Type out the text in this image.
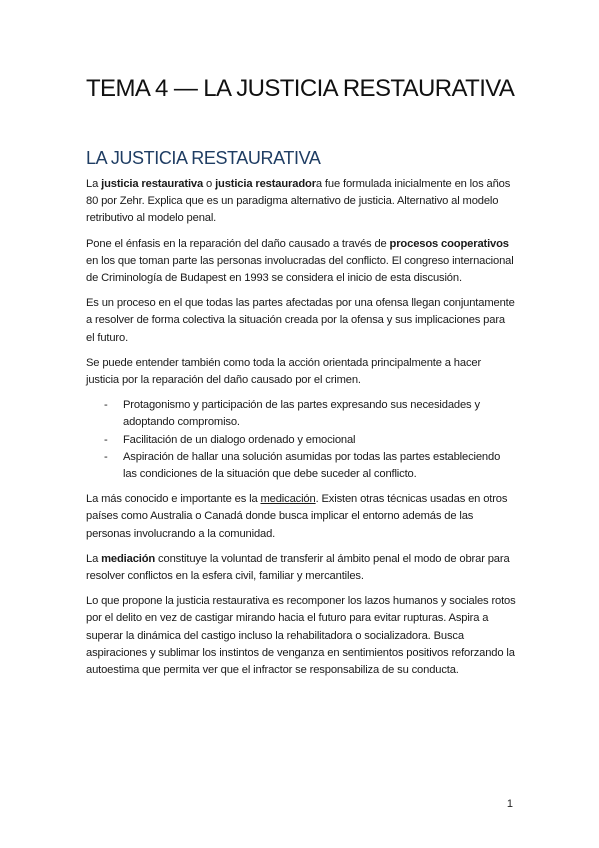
TEMA 4 — LA JUSTICIA RESTAURATIVA
LA JUSTICIA RESTAURATIVA

La justicia restaurativa o justicia restauradora fue formulada inicialmente en los años 80 por Zehr. Explica que es un paradigma alternativo de justicia. Alternativo al modelo retributivo al modelo penal.

Pone el énfasis en la reparación del daño causado a través de procesos cooperativos en los que toman parte las personas involucradas del conflicto. El congreso internacional de Criminología de Budapest en 1993 se considera el inicio de esta discusión.

Es un proceso en el que todas las partes afectadas por una ofensa llegan conjuntamente a resolver de forma colectiva la situación creada por la ofensa y sus implicaciones para el futuro.

Se puede entender también como toda la acción orientada principalmente a hacer justicia por la reparación del daño causado por el crimen.

- Protagonismo y participación de las partes expresando sus necesidades y adoptando compromiso.
- Facilitación de un dialogo ordenado y emocional
- Aspiración de hallar una solución asumidas por todas las partes estableciendo las condiciones de la situación que debe suceder al conflicto.

La más conocido e importante es la medicación. Existen otras técnicas usadas en otros países como Australia o Canadá donde busca implicar el entorno además de las personas involucrando a la comunidad.

La mediación constituye la voluntad de transferir al ámbito penal el modo de obrar para resolver conflictos en la esfera civil, familiar y mercantiles.

Lo que propone la justicia restaurativa es recomponer los lazos humanos y sociales rotos por el delito en vez de castigar mirando hacia el futuro para evitar rupturas. Aspira a superar la dinámica del castigo incluso la rehabilitadora o socializadora. Busca aspiraciones y sublimar los instintos de venganza en sentimientos positivos reforzando la autoestima que permita ver que el infractor se responsabiliza de su conducta.

1
